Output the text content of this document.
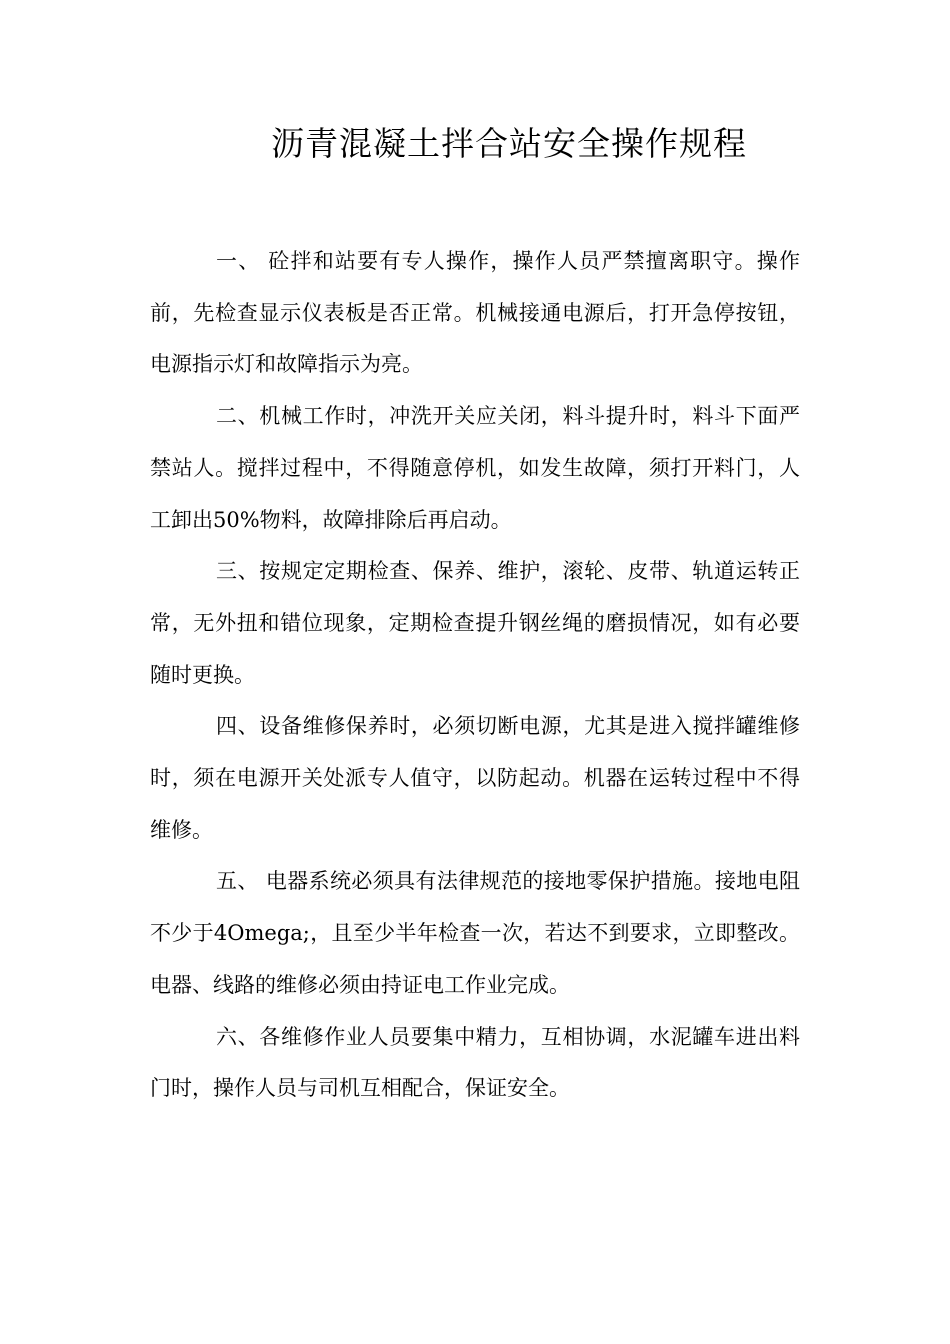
沥青混凝土拌合站安全操作规程

一、 砼拌和站要有专人操作，操作人员严禁擅离职守。操作前，先检查显示仪表板是否正常。机械接通电源后，打开急停按钮，电源指示灯和故障指示为亮。

二、机械工作时，冲洗开关应关闭，料斗提升时，料斗下面严禁站人。搅拌过程中，不得随意停机，如发生故障，须打开料门，人工卸出50%物料，故障排除后再启动。

三、按规定定期检查、保养、维护，滚轮、皮带、轨道运转正常，无外扭和错位现象，定期检查提升钢丝绳的磨损情况，如有必要随时更换。

四、设备维修保养时，必须切断电源，尤其是进入搅拌罐维修时，须在电源开关处派专人值守，以防起动。机器在运转过程中不得维修。

五、 电器系统必须具有法律规范的接地零保护措施。接地电阻不少于4Omega;，且至少半年检查一次，若达不到要求，立即整改。电器、线路的维修必须由持证电工作业完成。

六、各维修作业人员要集中精力，互相协调，水泥罐车进出料门时，操作人员与司机互相配合，保证安全。
